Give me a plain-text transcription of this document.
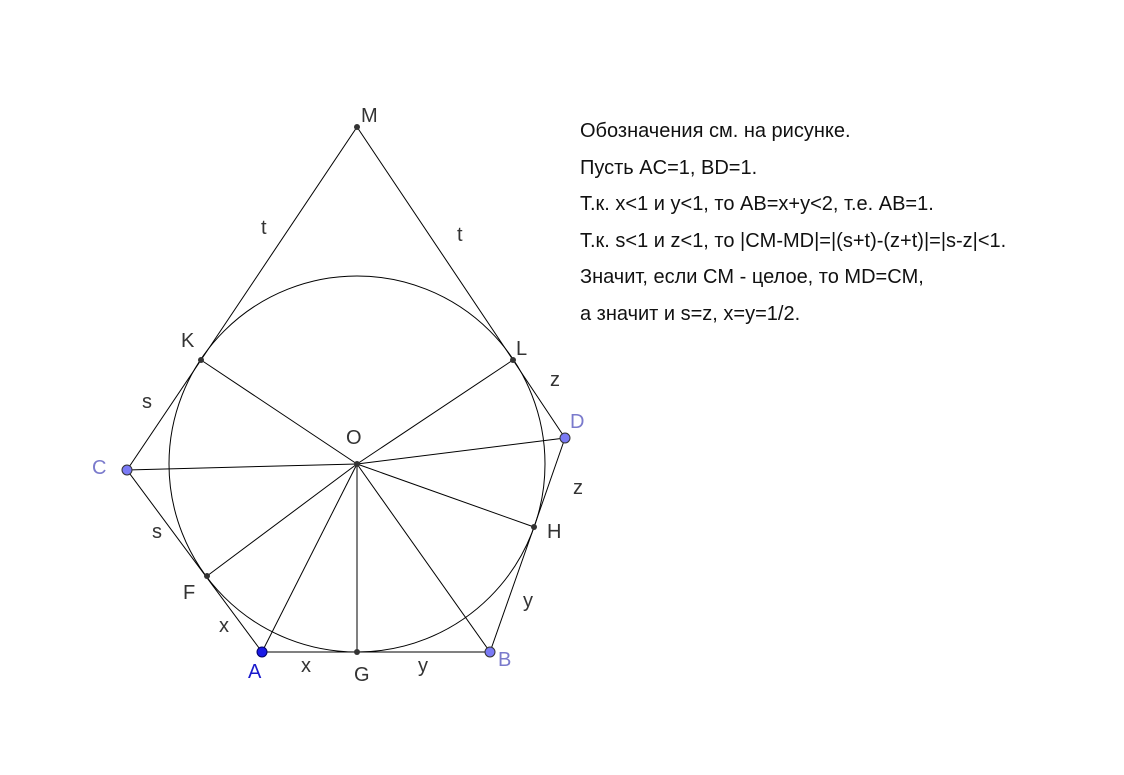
M
K	L
O
D
C
H
F
A	G
B
t	t
s
s
z
z
x
x	y
y
Обозначения см. на рисунке.
Пусть AC=1, BD=1.
Т.к. x<1 и y<1, то AB=x+y<2, т.е. AB=1.
Т.к. s<1 и z<1, то |CM-MD|=|(s+t)-(z+t)|=|s-z|<1.
Значит, если CM - целое, то MD=CM,
а значит и s=z, x=y=1/2.
